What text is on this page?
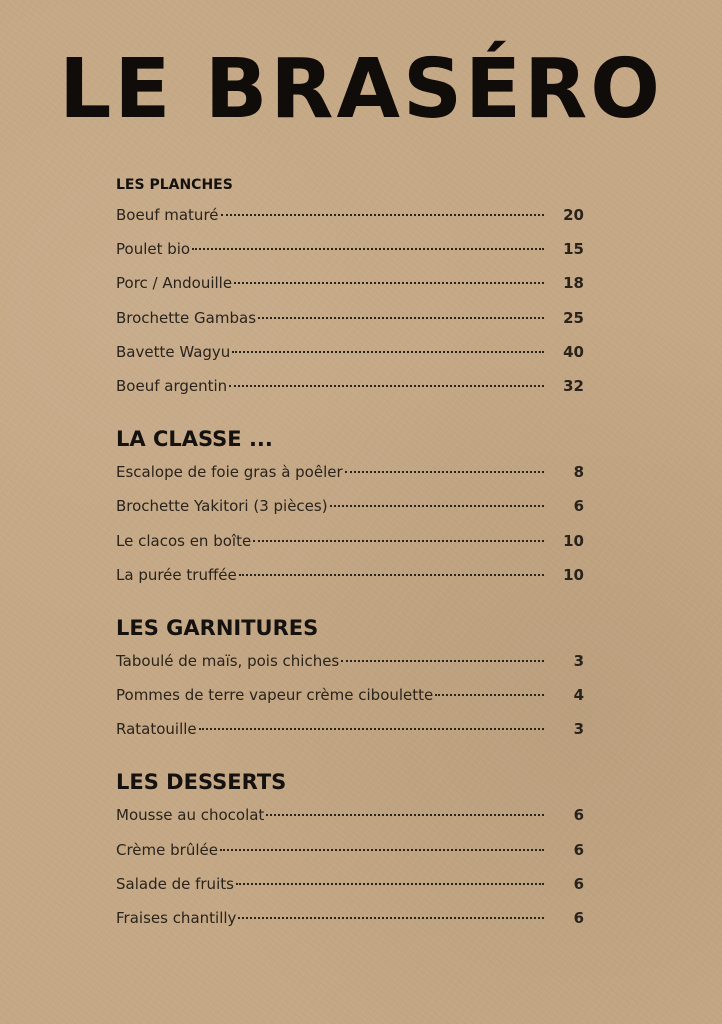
LE BRASÉRO
LES PLANCHES
Boeuf maturé	20
Poulet bio	15
Porc / Andouille	18
Brochette Gambas	25
Bavette Wagyu	40
Boeuf argentin	32
LA CLASSE ...
Escalope de foie gras à poêler	8
Brochette Yakitori (3 pièces)	6
Le clacos en boîte	10
La purée truffée	10
LES GARNITURES
Taboulé de maïs, pois chiches	3
Pommes de terre vapeur crème ciboulette	4
Ratatouille	3
LES DESSERTS
Mousse au chocolat	6
Crème brûlée	6
Salade de fruits	6
Fraises chantilly	6
